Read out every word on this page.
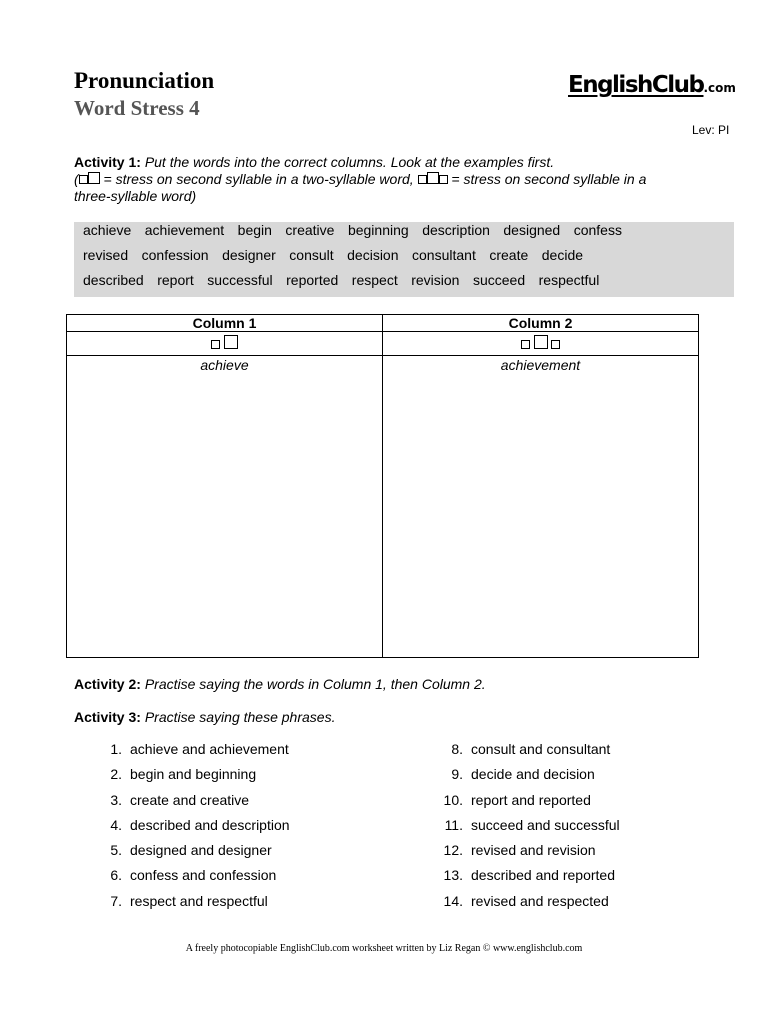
Pronunciation
Word Stress 4
EnglishClub.com
Lev: PI
Activity 1: Put the words into the correct columns. Look at the examples first.
( = stress on second syllable in a two-syllable word,  = stress on second syllable in a
three-syllable word)
achieve achievement begin creative beginning description designed confess
revised confession designer consult decision consultant create decide
described report successful reported respect revision succeed respectful
Column 1	Column 2

achieve	achievement
Activity 2: Practise saying the words in Column 1, then Column 2.
Activity 3: Practise saying these phrases.
1. achieve and achievement
2. begin and beginning
3. create and creative
4. described and description
5. designed and designer
6. confess and confession
7. respect and respectful
8. consult and consultant
9. decide and decision
10. report and reported
11. succeed and successful
12. revised and revision
13. described and reported
14. revised and respected
A freely photocopiable EnglishClub.com worksheet written by Liz Regan © www.englishclub.com
